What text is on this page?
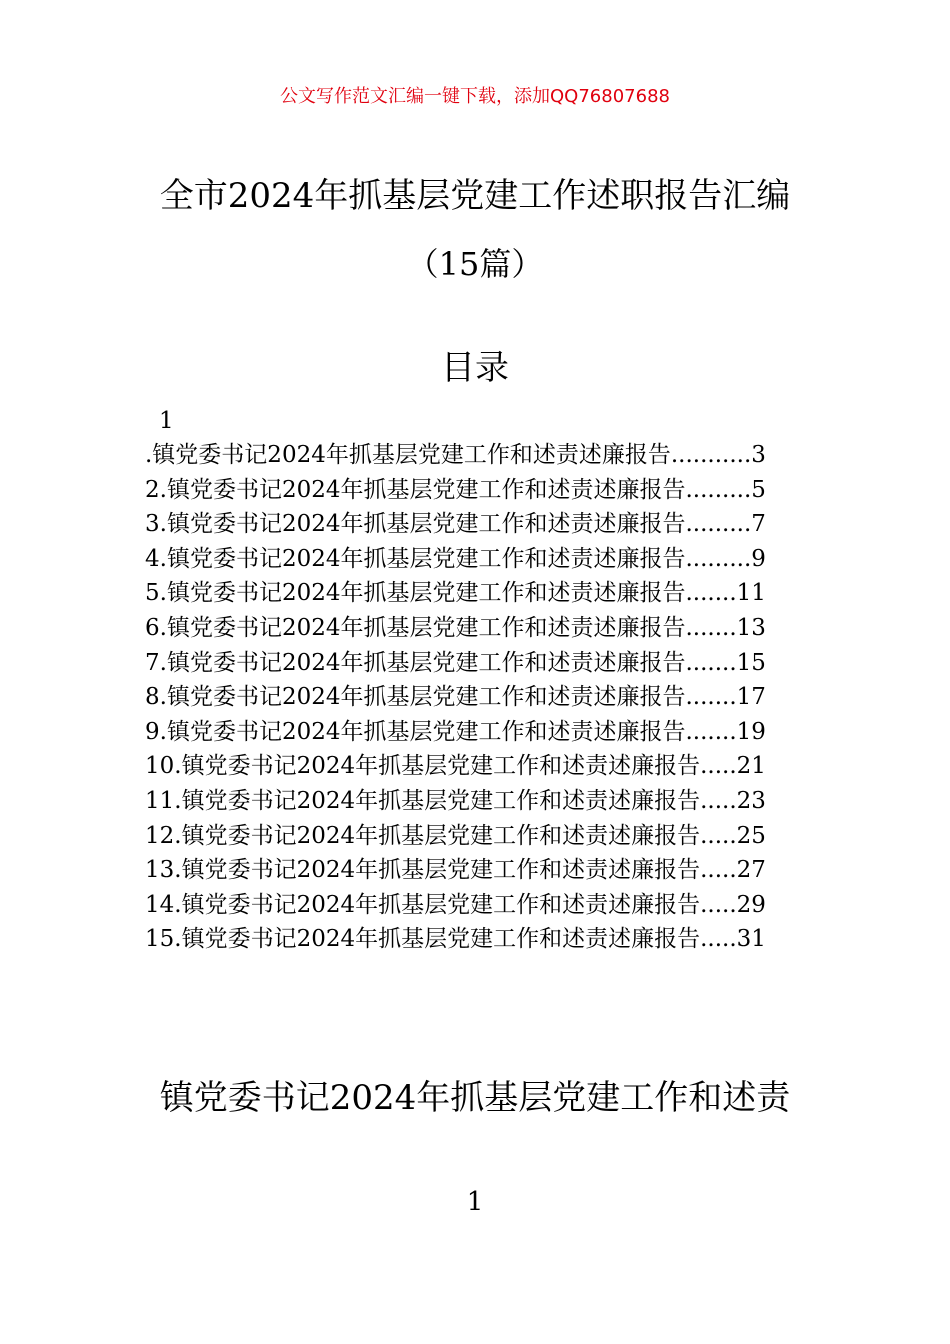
公文写作范文汇编一键下载，添加QQ76807688
全市2024年抓基层党建工作述职报告汇编
（15篇）
目录
1
.镇党委书记2024年抓基层党建工作和述责述廉报告...........3
2.镇党委书记2024年抓基层党建工作和述责述廉报告.........5
3.镇党委书记2024年抓基层党建工作和述责述廉报告.........7
4.镇党委书记2024年抓基层党建工作和述责述廉报告.........9
5.镇党委书记2024年抓基层党建工作和述责述廉报告.......11
6.镇党委书记2024年抓基层党建工作和述责述廉报告.......13
7.镇党委书记2024年抓基层党建工作和述责述廉报告.......15
8.镇党委书记2024年抓基层党建工作和述责述廉报告.......17
9.镇党委书记2024年抓基层党建工作和述责述廉报告.......19
10.镇党委书记2024年抓基层党建工作和述责述廉报告.....21
11.镇党委书记2024年抓基层党建工作和述责述廉报告.....23
12.镇党委书记2024年抓基层党建工作和述责述廉报告.....25
13.镇党委书记2024年抓基层党建工作和述责述廉报告.....27
14.镇党委书记2024年抓基层党建工作和述责述廉报告.....29
15.镇党委书记2024年抓基层党建工作和述责述廉报告.....31
镇党委书记2024年抓基层党建工作和述责
1
